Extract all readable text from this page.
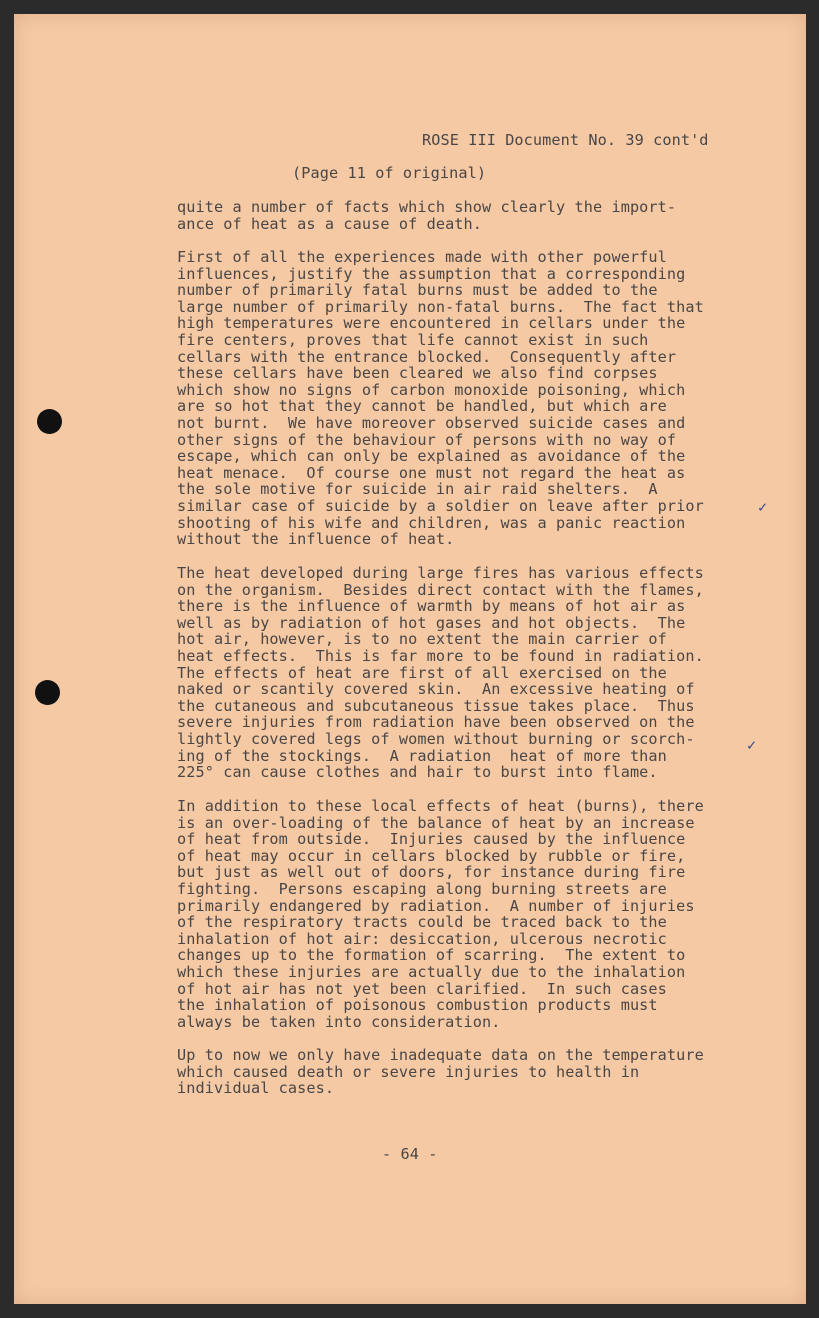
ROSE III Document No. 39 cont'd
(Page 11 of original)
quite a number of facts which show clearly the import-
ance of heat as a cause of death.
First of all the experiences made with other powerful
influences, justify the assumption that a corresponding
number of primarily fatal burns must be added to the
large number of primarily non-fatal burns.  The fact that
high temperatures were encountered in cellars under the
fire centers, proves that life cannot exist in such
cellars with the entrance blocked.  Consequently after
these cellars have been cleared we also find corpses
which show no signs of carbon monoxide poisoning, which
are so hot that they cannot be handled, but which are
not burnt.  We have moreover observed suicide cases and
other signs of the behaviour of persons with no way of
escape, which can only be explained as avoidance of the
heat menace.  Of course one must not regard the heat as
the sole motive for suicide in air raid shelters.  A
similar case of suicide by a soldier on leave after prior
shooting of his wife and children, was a panic reaction
without the influence of heat.
The heat developed during large fires has various effects
on the organism.  Besides direct contact with the flames,
there is the influence of warmth by means of hot air as
well as by radiation of hot gases and hot objects.  The
hot air, however, is to no extent the main carrier of
heat effects.  This is far more to be found in radiation.
The effects of heat are first of all exercised on the
naked or scantily covered skin.  An excessive heating of
the cutaneous and subcutaneous tissue takes place.  Thus
severe injuries from radiation have been observed on the
lightly covered legs of women without burning or scorch-
ing of the stockings.  A radiation  heat of more than
225° can cause clothes and hair to burst into flame.
In addition to these local effects of heat (burns), there
is an over-loading of the balance of heat by an increase
of heat from outside.  Injuries caused by the influence
of heat may occur in cellars blocked by rubble or fire,
but just as well out of doors, for instance during fire
fighting.  Persons escaping along burning streets are
primarily endangered by radiation.  A number of injuries
of the respiratory tracts could be traced back to the
inhalation of hot air: desiccation, ulcerous necrotic
changes up to the formation of scarring.  The extent to
which these injuries are actually due to the inhalation
of hot air has not yet been clarified.  In such cases
the inhalation of poisonous combustion products must
always be taken into consideration.
Up to now we only have inadequate data on the temperature
which caused death or severe injuries to health in
individual cases.
- 64 -
✓
✓
